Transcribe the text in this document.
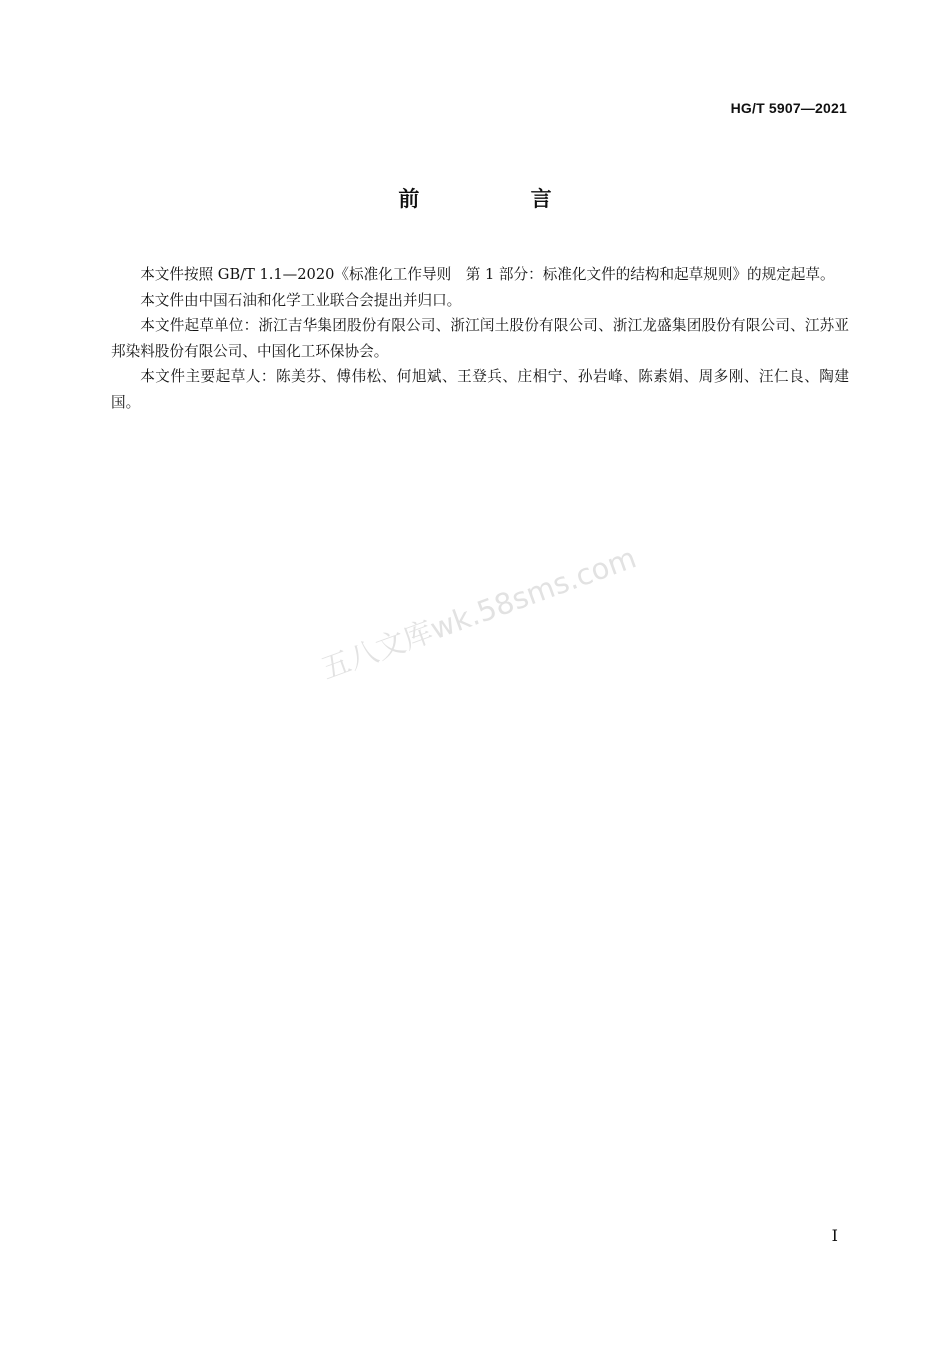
HG/T 5907—2021
前 言

本文件按照 GB/T 1.1—2020《标准化工作导则　第 1 部分：标准化文件的结构和起草规则》的规定起草。

本文件由中国石油和化学工业联合会提出并归口。

本文件起草单位：浙江吉华集团股份有限公司、浙江闰土股份有限公司、浙江龙盛集团股份有限公司、江苏亚邦染料股份有限公司、中国化工环保协会。

本文件主要起草人：陈美芬、傅伟松、何旭斌、王登兵、庄相宁、孙岩峰、陈素娟、周多刚、汪仁良、陶建国。

五八文库wk.58sms.com
I
